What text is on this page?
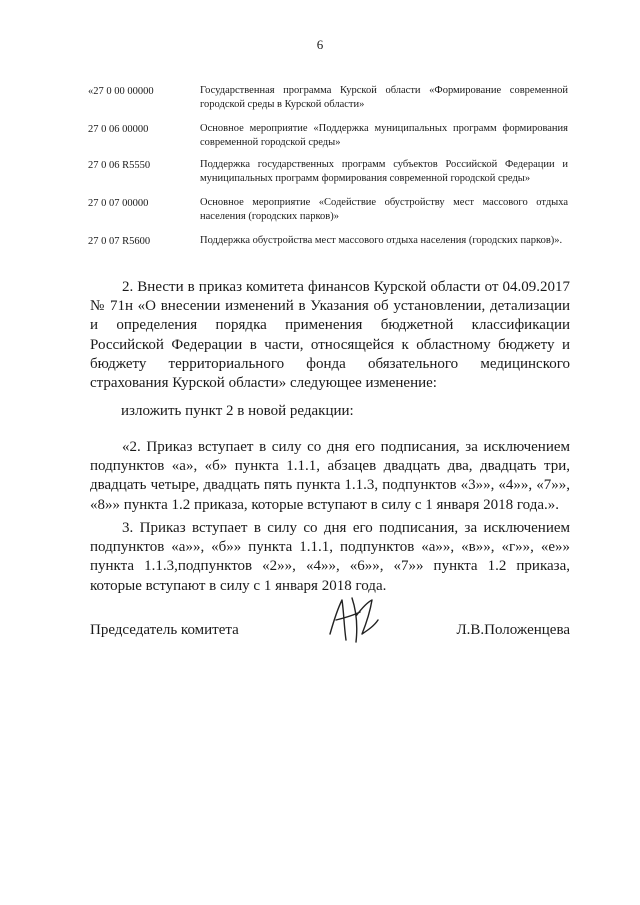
6
«27 0 00 00000	Государственная программа Курской области «Формирование современной городской среды в Курской области»
27 0 06 00000	Основное мероприятие «Поддержка муниципальных программ формирования современной городской среды»
27 0 06 R5550	Поддержка государственных программ субъектов Российской Федерации и муниципальных программ формирования современной городской среды»
27 0 07 00000	Основное мероприятие «Содействие обустройству мест массового отдыха населения (городских парков)»
27 0 07 R5600	Поддержка обустройства мест массового отдыха населения (городских парков)».
2. Внести в приказ комитета финансов Курской области от 04.09.2017 № 71н «О внесении изменений в Указания об установлении, детализации и определения порядка применения бюджетной классификации Российской Федерации в части, относящейся к областному бюджету и бюджету территориального фонда обязательного медицинского страхования Курской области» следующее изменение:
изложить пункт 2 в новой редакции:
«2. Приказ вступает в силу со дня его подписания, за исключением подпунктов «а», «б» пункта 1.1.1, абзацев двадцать два, двадцать три, двадцать четыре, двадцать пять пункта 1.1.3, подпунктов «3»», «4»», «7»», «8»» пункта 1.2 приказа, которые вступают в силу с 1 января 2018 года.».
3. Приказ вступает в силу со дня его подписания, за исключением подпунктов «а»», «б»» пункта 1.1.1, подпунктов «а»», «в»», «г»», «е»» пункта 1.1.3,подпунктов «2»», «4»», «6»», «7»» пункта 1.2 приказа, которые вступают в силу с 1 января 2018 года.
Председатель комитета	Л.В.Положенцева
